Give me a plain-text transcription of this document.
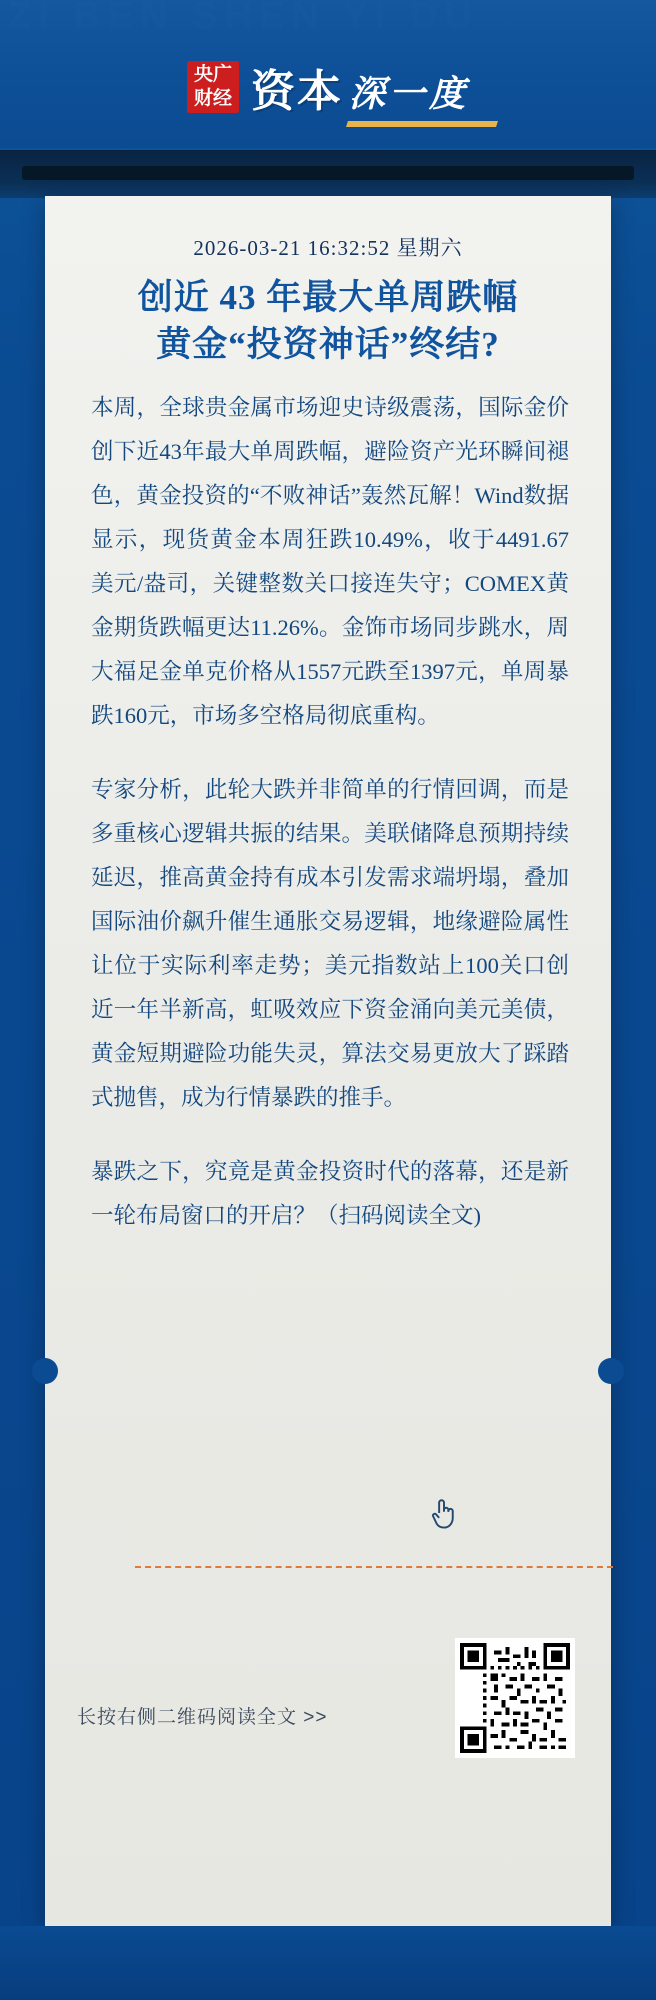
央广
财经 资本 深一度
2026-03-21 16:32:52 星期六
创近 43 年最大单周跌幅
黄金“投资神话”终结?

本周，全球贵金属市场迎史诗级震荡，国际金价创下近43年最大单周跌幅，避险资产光环瞬间褪色，黄金投资的“不败神话”轰然瓦解！Wind数据显示，现货黄金本周狂跌10.49%，收于4491.67美元/盎司，关键整数关口接连失守；COMEX黄金期货跌幅更达11.26%。金饰市场同步跳水，周大福足金单克价格从1557元跌至1397元，单周暴跌160元，市场多空格局彻底重构。

专家分析，此轮大跌并非简单的行情回调，而是多重核心逻辑共振的结果。美联储降息预期持续延迟，推高黄金持有成本引发需求端坍塌，叠加国际油价飙升催生通胀交易逻辑，地缘避险属性让位于实际利率走势；美元指数站上100关口创近一年半新高，虹吸效应下资金涌向美元美债，黄金短期避险功能失灵，算法交易更放大了踩踏式抛售，成为行情暴跌的推手。

暴跌之下，究竟是黄金投资时代的落幕，还是新一轮布局窗口的开启？（扫码阅读全文)

长按右侧二维码阅读全文 >>
